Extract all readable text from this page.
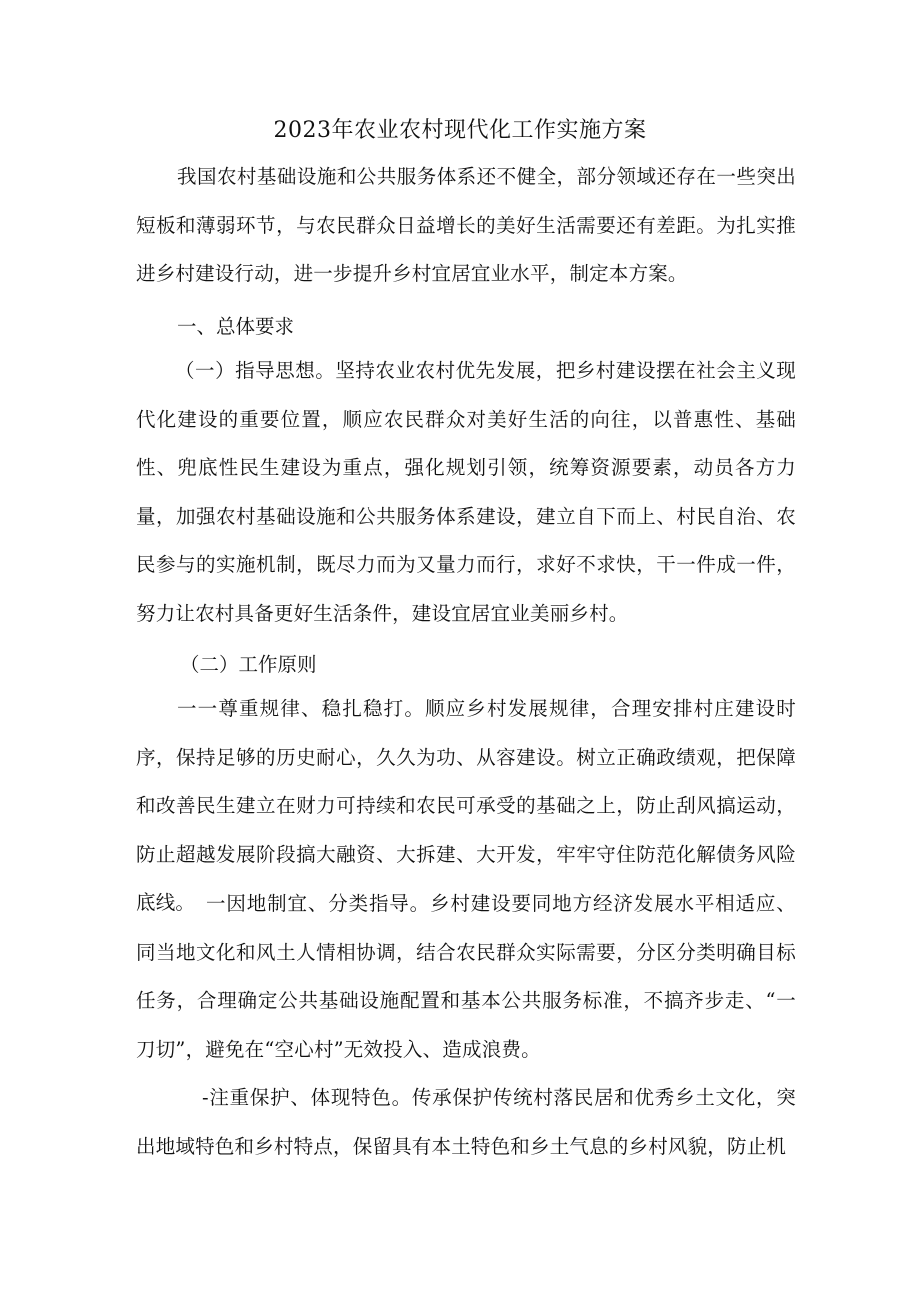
2023年农业农村现代化工作实施方案

我国农村基础设施和公共服务体系还不健全，部分领域还存在一些突出短板和薄弱环节，与农民群众日益增长的美好生活需要还有差距。为扎实推进乡村建设行动，进一步提升乡村宜居宜业水平，制定本方案。

一、总体要求

（一）指导思想。坚持农业农村优先发展，把乡村建设摆在社会主义现代化建设的重要位置，顺应农民群众对美好生活的向往，以普惠性、基础性、兜底性民生建设为重点，强化规划引领，统筹资源要素，动员各方力量，加强农村基础设施和公共服务体系建设，建立自下而上、村民自治、农民参与的实施机制，既尽力而为又量力而行，求好不求快，干一件成一件，努力让农村具备更好生活条件，建设宜居宜业美丽乡村。

（二）工作原则

一一尊重规律、稳扎稳打。顺应乡村发展规律，合理安排村庄建设时序，保持足够的历史耐心，久久为功、从容建设。树立正确政绩观，把保障和改善民生建立在财力可持续和农民可承受的基础之上，防止刮风搞运动，防止超越发展阶段搞大融资、大拆建、大开发，牢牢守住防范化解债务风险底线。 一因地制宜、分类指导。乡村建设要同地方经济发展水平相适应、同当地文化和风土人情相协调，结合农民群众实际需要，分区分类明确目标任务，合理确定公共基础设施配置和基本公共服务标准，不搞齐步走、“一刀切”，避免在“空心村”无效投入、造成浪费。

-注重保护、体现特色。传承保护传统村落民居和优秀乡土文化，突出地域特色和乡村特点，保留具有本土特色和乡土气息的乡村风貌，防止机
